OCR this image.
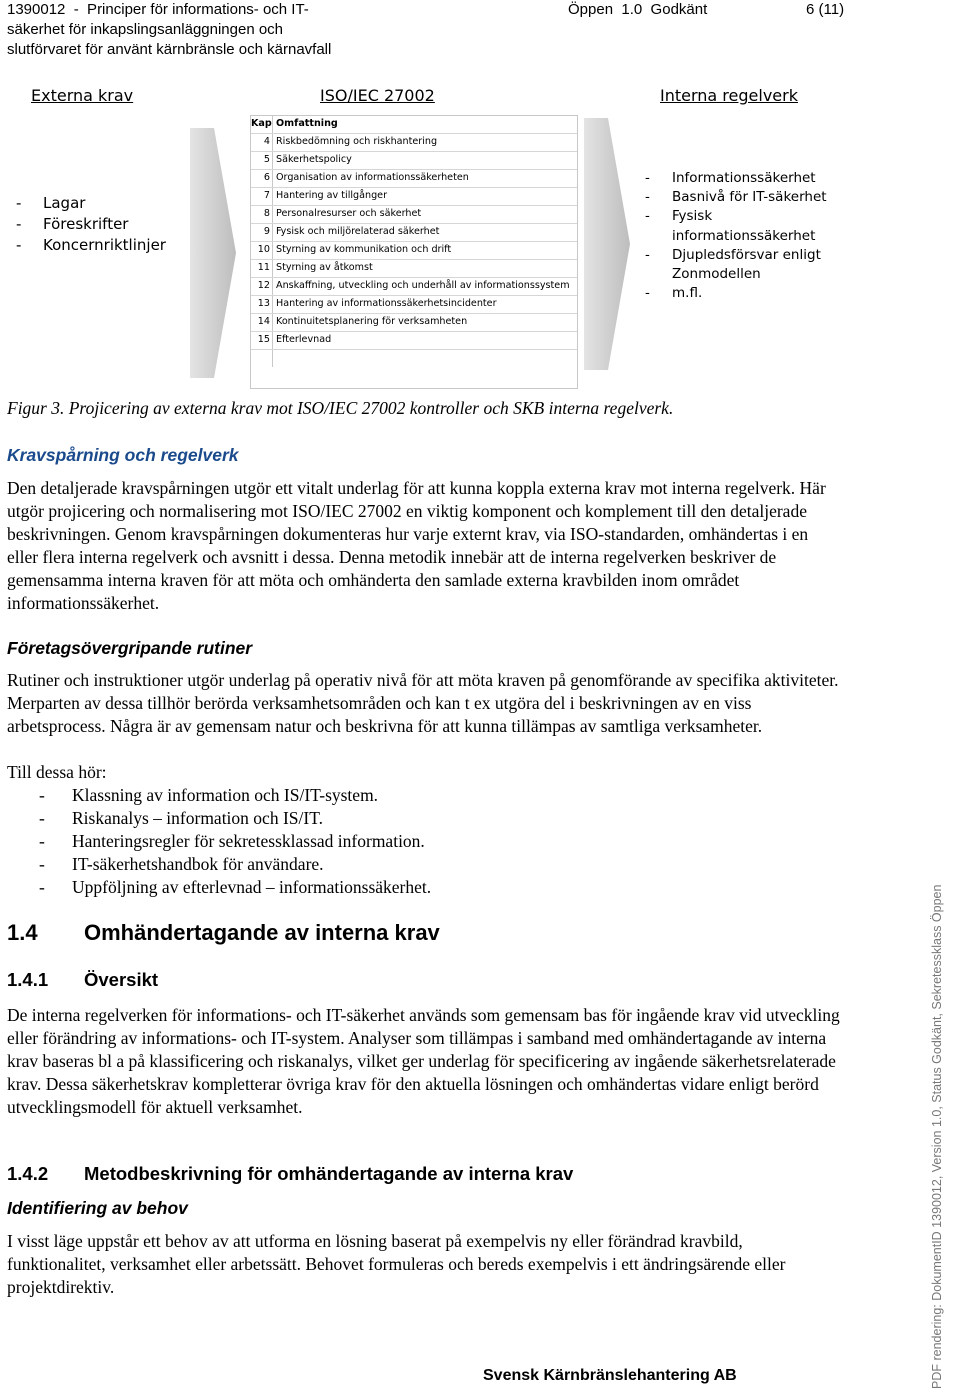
1390012  -  Principer för informations- och IT-
säkerhet för inkapslingsanläggningen och
slutförvaret för använt kärnbränsle och kärnavfall
Öppen  1.0  Godkänt	6 (11)
Externa krav	ISO/IEC 27002	Interna regelverk
- Lagar
- Föreskrifter
- Koncernriktlinjer
Kap Omfattning
4 Riskbedömning och riskhantering
5 Säkerhetspolicy
6 Organisation av informationssäkerheten
7 Hantering av tillgånger
8 Personalresurser och säkerhet
9 Fysisk och miljörelaterad säkerhet
10 Styrning av kommunikation och drift
11 Styrning av åtkomst
12 Anskaffning, utveckling och underhåll av informationssystem
13 Hantering av informationssäkerhetsincidenter
14 Kontinuitetsplanering för verksamheten
15 Efterlevnad
- Informationssäkerhet
- Basnivå för IT-säkerhet
- Fysisk informationssäkerhet
- Djupledsförsvar enligt Zonmodellen
- m.fl.
Figur 3. Projicering av externa krav mot ISO/IEC 27002 kontroller och SKB interna regelverk.
Kravspårning och regelverk

Den detaljerade kravspårningen utgör ett vitalt underlag för att kunna koppla externa krav mot interna regelverk. Här utgör projicering och normalisering mot ISO/IEC 27002 en viktig komponent och komplement till den detaljerade beskrivningen. Genom kravspårningen dokumenteras hur varje externt krav, via ISO-standarden, omhändertas i en eller flera interna regelverk och avsnitt i dessa. Denna metodik innebär att de interna regelverken beskriver de gemensamma interna kraven för att möta och omhänderta den samlade externa kravbilden inom området informationssäkerhet.

Företagsövergripande rutiner

Rutiner och instruktioner utgör underlag på operativ nivå för att möta kraven på genomförande av specifika aktiviteter. Merparten av dessa tillhör berörda verksamhetsområden och kan t ex utgöra del i beskrivningen av en viss arbetsprocess. Några är av gemensam natur och beskrivna för att kunna tillämpas av samtliga verksamheter.

Till dessa hör:

- Klassning av information och IS/IT-system.
- Riskanalys – information och IS/IT.
- Hanteringsregler för sekretessklassad information.
- IT-säkerhetshandbok för användare.
- Uppföljning av efterlevnad – informationssäkerhet.
1.4 Omhändertagande av interna krav
1.4.1 Översikt

De interna regelverken för informations- och IT-säkerhet används som gemensam bas för ingående krav vid utveckling eller förändring av informations- och IT-system. Analyser som tillämpas i samband med omhändertagande av interna krav baseras bl a på klassificering och riskanalys, vilket ger underlag för specificering av ingående säkerhetsrelaterade krav. Dessa säkerhetskrav kompletterar övriga krav för den aktuella lösningen och omhändertas vidare enligt berörd utvecklingsmodell för aktuell verksamhet.

1.4.2 Metodbeskrivning för omhändertagande av interna krav
Identifiering av behov

I visst läge uppstår ett behov av att utforma en lösning baserat på exempelvis ny eller förändrad kravbild, funktionalitet, verksamhet eller arbetssätt. Behovet formuleras och bereds exempelvis i ett ändringsärende eller projektdirektiv.

Svensk Kärnbränslehantering AB	PDF rendering: DokumentID 1390012, Version 1.0, Status Godkänt, Sekretessklass Öppen
